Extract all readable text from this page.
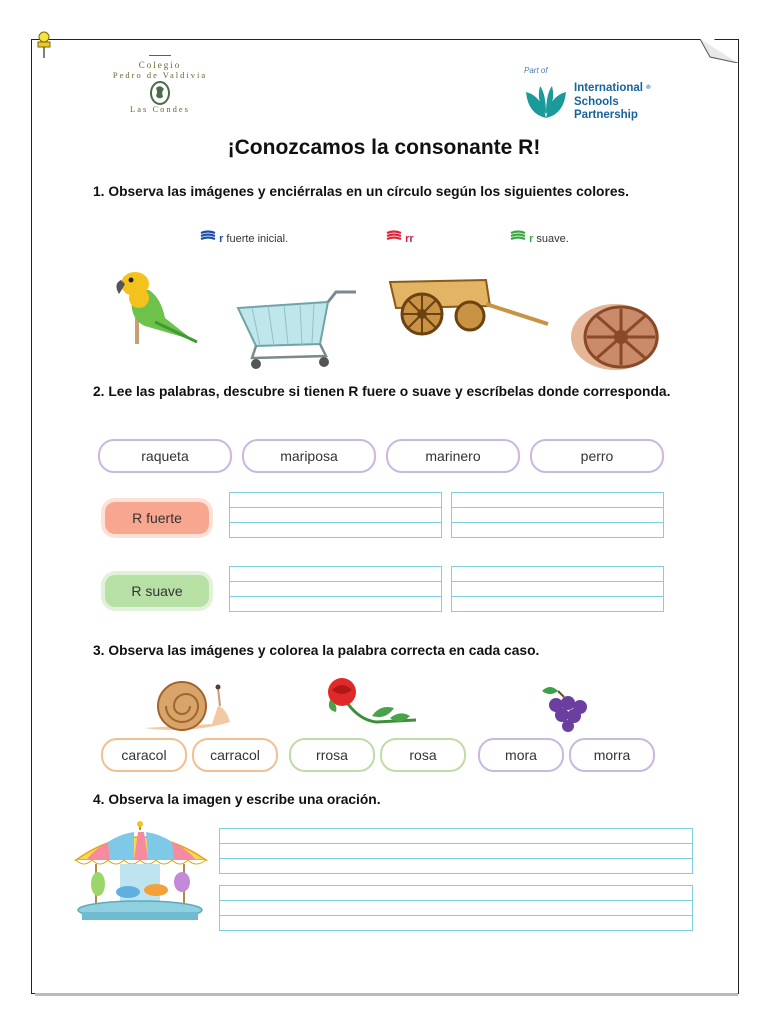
Colegio
Pedro de Valdivia
Las Condes
Part of
International ®
Schools
Partnership
¡Conozcamos la consonante R!
1. Observa las imágenes y enciérralas en un círculo según los siguientes colores.
r fuerte inicial.	rr	r suave.
2. Lee las palabras, descubre si tienen R fuere o suave y escríbelas donde corresponda.
raqueta	mariposa	marinero	perro
R fuerte
R suave
3. Observa las imágenes y colorea la palabra correcta en cada caso.
caracol	carracol	rrosa	rosa	mora	morra
4. Observa la imagen y escribe una oración.
